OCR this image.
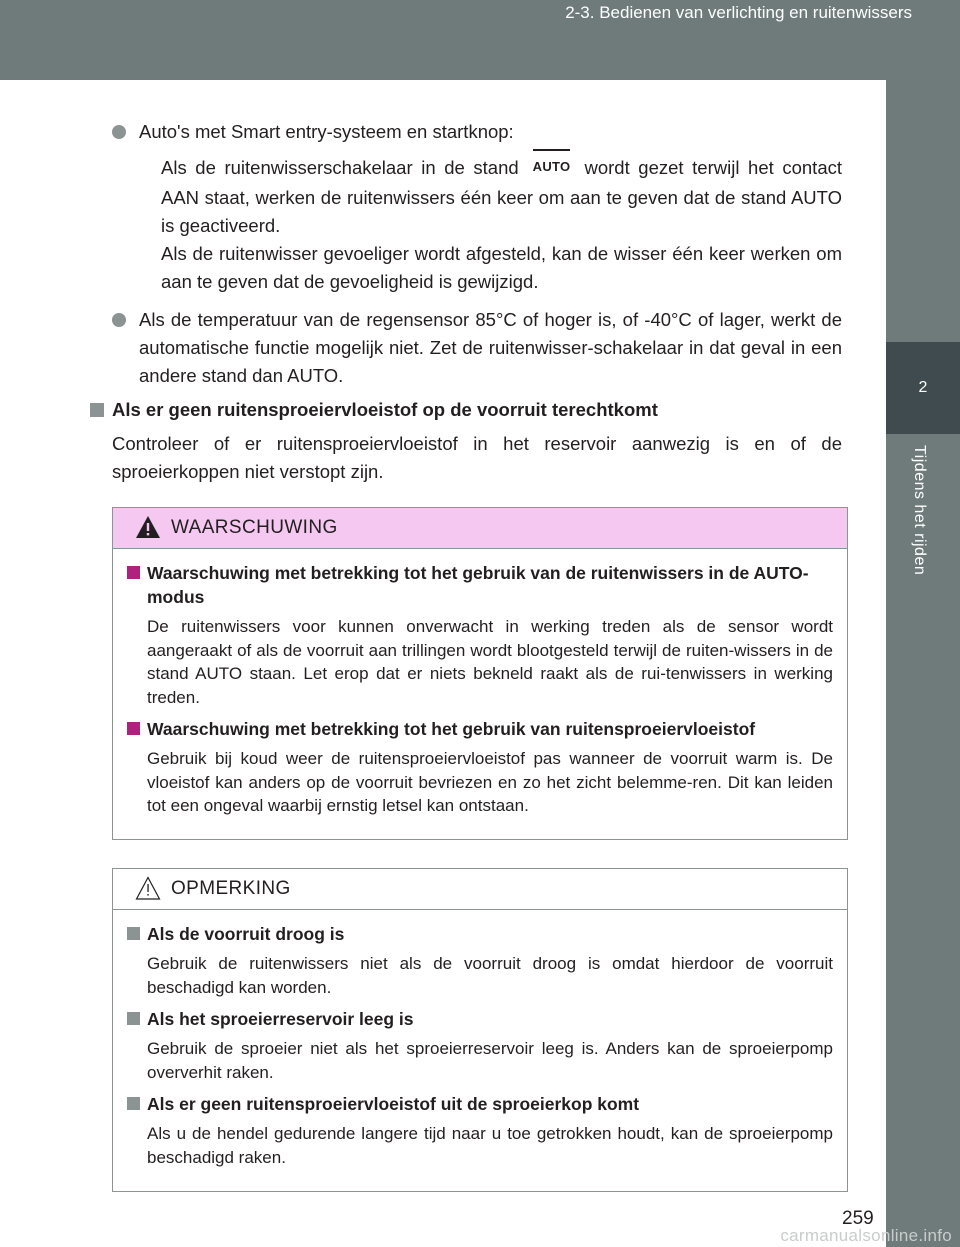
2-3. Bedienen van verlichting en ruitenwissers
2
Tijdens het rijden
Auto's met Smart entry-systeem en startknop:
Als de ruitenwisserschakelaar in de stand AUTO wordt gezet terwijl het contact AAN staat, werken de ruitenwissers één keer om aan te geven dat de stand AUTO is geactiveerd.
Als de ruitenwisser gevoeliger wordt afgesteld, kan de wisser één keer werken om aan te geven dat de gevoeligheid is gewijzigd.
Als de temperatuur van de regensensor 85°C of hoger is, of -40°C of lager, werkt de automatische functie mogelijk niet. Zet de ruitenwisser-schakelaar in dat geval in een andere stand dan AUTO.
Als er geen ruitensproeiervloeistof op de voorruit terechtkomt
Controleer of er ruitensproeiervloeistof in het reservoir aanwezig is en of de sproeierkoppen niet verstopt zijn.
WAARSCHUWING
Waarschuwing met betrekking tot het gebruik van de ruitenwissers in de AUTO-modus
De ruitenwissers voor kunnen onverwacht in werking treden als de sensor wordt aangeraakt of als de voorruit aan trillingen wordt blootgesteld terwijl de ruiten-wissers in de stand AUTO staan. Let erop dat er niets bekneld raakt als de rui-tenwissers in werking treden.
Waarschuwing met betrekking tot het gebruik van ruitensproeiervloeistof
Gebruik bij koud weer de ruitensproeiervloeistof pas wanneer de voorruit warm is. De vloeistof kan anders op de voorruit bevriezen en zo het zicht belemme-ren. Dit kan leiden tot een ongeval waarbij ernstig letsel kan ontstaan.
OPMERKING
Als de voorruit droog is
Gebruik de ruitenwissers niet als de voorruit droog is omdat hierdoor de voorruit beschadigd kan worden.
Als het sproeierreservoir leeg is
Gebruik de sproeier niet als het sproeierreservoir leeg is. Anders kan de sproeierpomp oververhit raken.
Als er geen ruitensproeiervloeistof uit de sproeierkop komt
Als u de hendel gedurende langere tijd naar u toe getrokken houdt, kan de sproeierpomp beschadigd raken.
259
carmanualsonline.info
